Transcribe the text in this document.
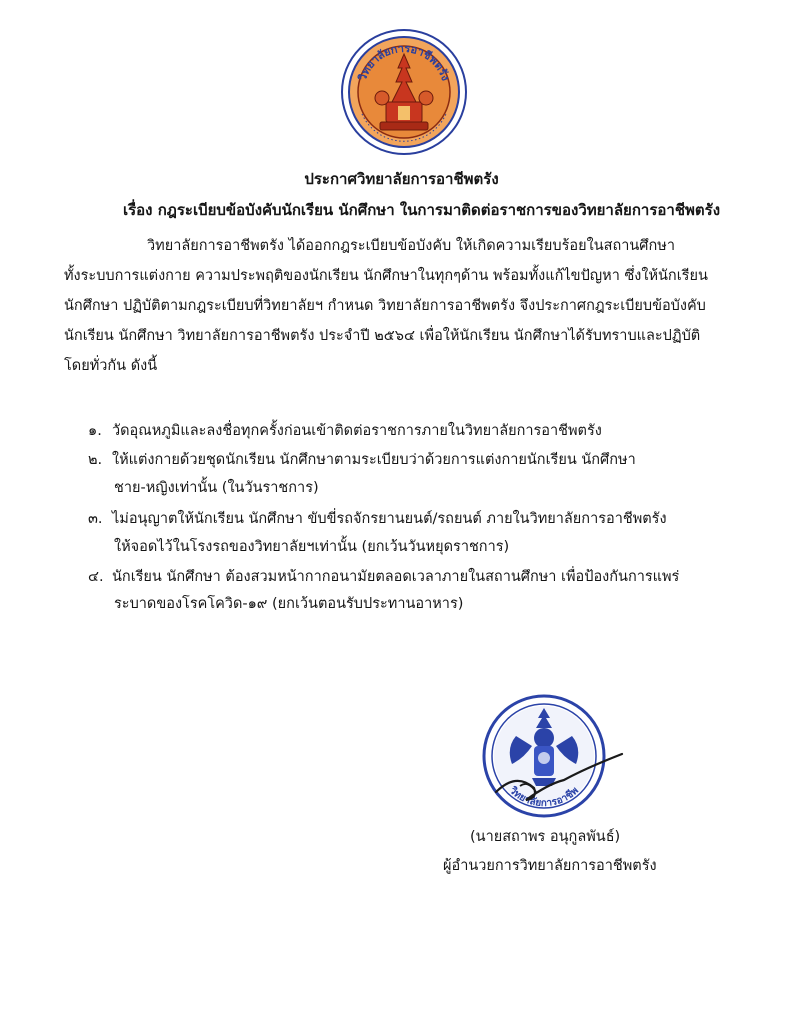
วิทยาลัยการอาชีพตรัง
ประกาศวิทยาลัยการอาชีพตรัง
เรื่อง กฎระเบียบข้อบังคับนักเรียน นักศึกษา ในการมาติดต่อราชการของวิทยาลัยการอาชีพตรัง
วิทยาลัยการอาชีพตรัง ได้ออกกฎระเบียบข้อบังคับ ให้เกิดความเรียบร้อยในสถานศึกษา
ทั้งระบบการแต่งกาย ความประพฤติของนักเรียน นักศึกษาในทุกๆด้าน พร้อมทั้งแก้ไขปัญหา ซึ่งให้นักเรียน
นักศึกษา ปฏิบัติตามกฎระเบียบที่วิทยาลัยฯ กำหนด วิทยาลัยการอาชีพตรัง จึงประกาศกฎระเบียบข้อบังคับ
นักเรียน นักศึกษา วิทยาลัยการอาชีพตรัง ประจำปี ๒๕๖๔ เพื่อให้นักเรียน นักศึกษาได้รับทราบและปฏิบัติ
โดยทั่วกัน ดังนี้
๑. วัดอุณหภูมิและลงชื่อทุกครั้งก่อนเข้าติดต่อราชการภายในวิทยาลัยการอาชีพตรัง
๒. ให้แต่งกายด้วยชุดนักเรียน นักศึกษาตามระเบียบว่าด้วยการแต่งกายนักเรียน นักศึกษา
ชาย-หญิงเท่านั้น (ในวันราชการ)
๓. ไม่อนุญาตให้นักเรียน นักศึกษา ขับขี่รถจักรยานยนต์/รถยนต์ ภายในวิทยาลัยการอาชีพตรัง
ให้จอดไว้ในโรงรถของวิทยาลัยฯเท่านั้น (ยกเว้นวันหยุดราชการ)
๔. นักเรียน นักศึกษา ต้องสวมหน้ากากอนามัยตลอดเวลาภายในสถานศึกษา เพื่อป้องกันการแพร่
ระบาดของโรคโควิด-๑๙ (ยกเว้นตอนรับประทานอาหาร)
วิทยาลัยการอาชีพ
(นายสถาพร อนุกูลพันธ์)
ผู้อำนวยการวิทยาลัยการอาชีพตรัง
